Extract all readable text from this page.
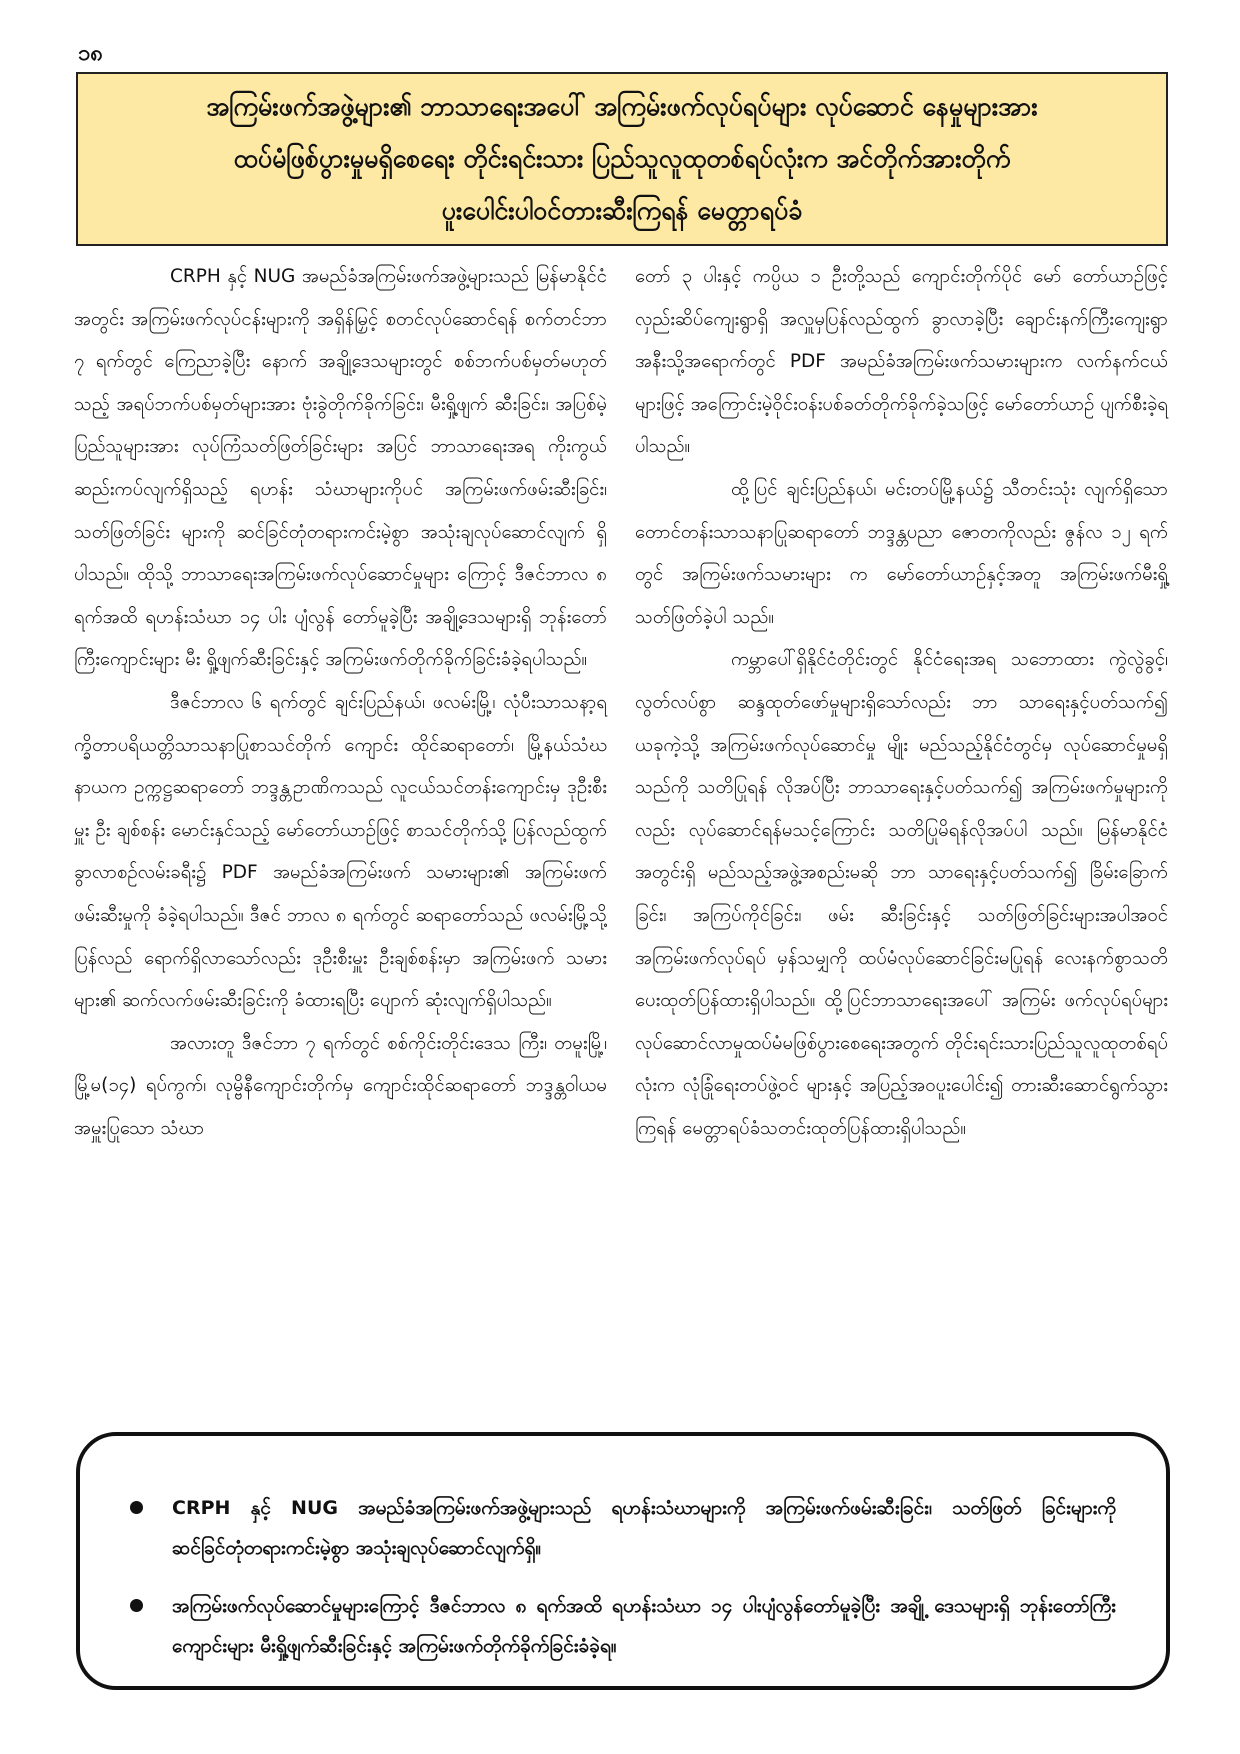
၁၈
အကြမ်းဖက်အဖွဲ့များ၏ ဘာသာရေးအပေါ် အကြမ်းဖက်လုပ်ရပ်များ လုပ်ဆောင် နေမှုများအား
ထပ်မံဖြစ်ပွားမှုမရှိစေရေး တိုင်းရင်းသား ပြည်သူလူထုတစ်ရပ်လုံးက အင်တိုက်အားတိုက်
ပူးပေါင်းပါဝင်တားဆီးကြရန် မေတ္တာရပ်ခံ

CRPH နှင့် NUG အမည်ခံအကြမ်းဖက်အဖွဲ့များသည် မြန်မာနိုင်ငံအတွင်း အကြမ်းဖက်လုပ်ငန်းများကို အရှိန်မြှင့် စတင်လုပ်ဆောင်ရန် စက်တင်ဘာ ၇ ရက်တွင် ကြေညာခဲ့ပြီး နောက် အချို့ဒေသများတွင် စစ်ဘက်ပစ်မှတ်မဟုတ်သည့် အရပ်ဘက်ပစ်မှတ်များအား ဗုံးခွဲတိုက်ခိုက်ခြင်း၊ မီးရှို့ဖျက် ဆီးခြင်း၊ အပြစ်မဲ့ပြည်သူများအား လုပ်ကြံသတ်ဖြတ်ခြင်းများ အပြင် ဘာသာရေးအရ ကိုးကွယ်ဆည်းကပ်လျက်ရှိသည့် ရဟန်း သံဃာများကိုပင် အကြမ်းဖက်ဖမ်းဆီးခြင်း၊ သတ်ဖြတ်ခြင်း များကို ဆင်ခြင်တုံတရားကင်းမဲ့စွာ အသုံးချလုပ်ဆောင်လျက် ရှိပါသည်။ ထိုသို့ ဘာသာရေးအကြမ်းဖက်လုပ်ဆောင်မှုများ ကြောင့် ဒီဇင်ဘာလ ၈ ရက်အထိ ရဟန်းသံဃာ ၁၄ ပါး ပျံလွန် တော်မူခဲ့ပြီး အချို့ဒေသများရှိ ဘုန်းတော်ကြီးကျောင်းများ မီး ရှို့ဖျက်ဆီးခြင်းနှင့် အကြမ်းဖက်တိုက်ခိုက်ခြင်းခံခဲ့ရပါသည်။

ဒီဇင်ဘာလ ၆ ရက်တွင် ချင်းပြည်နယ်၊ ဖလမ်းမြို့၊ လုံပီးသာသနာ့ရက္ခိတာပရိယတ္တိသာသနာပြုစာသင်တိုက် ကျောင်း ထိုင်ဆရာတော်၊ မြို့နယ်သံဃနာယက ဥက္ကဋ္ဌဆရာတော် ဘဒ္ဒန္တဥာဏိကသည် လူငယ်သင်တန်းကျောင်းမှ ဒုဦးစီးမှူး ဦး ချစ်စန်း မောင်းနှင်သည့် မော်တော်ယာဉ်ဖြင့် စာသင်တိုက်သို့ ပြန်လည်ထွက်ခွာလာစဉ်လမ်းခရီး၌ PDF အမည်ခံအကြမ်းဖက် သမားများ၏ အကြမ်းဖက်ဖမ်းဆီးမှုကို ခံခဲ့ရပါသည်။ ဒီဇင် ဘာလ ၈ ရက်တွင် ဆရာတော်သည် ဖလမ်းမြို့သို့ ပြန်လည် ရောက်ရှိလာသော်လည်း ဒုဦးစီးမှူး ဦးချစ်စန်းမှာ အကြမ်းဖက် သမားများ၏ ဆက်လက်ဖမ်းဆီးခြင်းကို ခံထားရပြီး ပျောက် ဆုံးလျက်ရှိပါသည်။

အလားတူ ဒီဇင်ဘာ ၇ ရက်တွင် စစ်ကိုင်းတိုင်းဒေသ ကြီး၊ တမူးမြို့၊ မြို့မ(၁၄) ရပ်ကွက်၊ လုမ္ဗိနီကျောင်းတိုက်မှ ကျောင်းထိုင်ဆရာတော် ဘဒ္ဒန္တဝါယမအမှူးပြုသော သံဃာ

တော် ၃ ပါးနှင့် ကပ္ပိယ ၁ ဦးတို့သည် ကျောင်းတိုက်ပိုင် မော် တော်ယာဉ်ဖြင့် လှည်းဆိပ်ကျေးရွာရှိ အလှူမှပြန်လည်ထွက် ခွာလာခဲ့ပြီး ချောင်းနက်ကြီးကျေးရွာ အနီးသို့အရောက်တွင် PDF အမည်ခံအကြမ်းဖက်သမားများက လက်နက်ငယ်များဖြင့် အကြောင်းမဲ့ဝိုင်းဝန်းပစ်ခတ်တိုက်ခိုက်ခဲ့သဖြင့် မော်တော်ယာဉ် ပျက်စီးခဲ့ရပါသည်။

ထို့ပြင် ချင်းပြည်နယ်၊ မင်းတပ်မြို့နယ်၌ သီတင်းသုံး လျက်ရှိသော တောင်တန်းသာသနာပြုဆရာတော် ဘဒ္ဒန္တပညာ ဇောတကိုလည်း ဇွန်လ ၁၂ ရက်တွင် အကြမ်းဖက်သမားများ က မော်တော်ယာဉ်နှင့်အတူ အကြမ်းဖက်မီးရှို့သတ်ဖြတ်ခဲ့ပါ သည်။

ကမ္ဘာပေါ်ရှိနိုင်ငံတိုင်းတွင် နိုင်ငံရေးအရ သဘောထား ကွဲလွဲခွင့်၊ လွတ်လပ်စွာ ဆန္ဒထုတ်ဖော်မှုများရှိသော်လည်း ဘာ သာရေးနှင့်ပတ်သက်၍ ယခုကဲ့သို့ အကြမ်းဖက်လုပ်ဆောင်မှု မျိုး မည်သည့်နိုင်ငံတွင်မှ လုပ်ဆောင်မှုမရှိသည်ကို သတိပြုရန် လိုအပ်ပြီး ဘာသာရေးနှင့်ပတ်သက်၍ အကြမ်းဖက်မှုများကို လည်း လုပ်ဆောင်ရန်မသင့်ကြောင်း သတိပြုမိရန်လိုအပ်ပါ သည်။ မြန်မာနိုင်ငံအတွင်းရှိ မည်သည့်အဖွဲ့အစည်းမဆို ဘာ သာရေးနှင့်ပတ်သက်၍ ခြိမ်းခြောက်ခြင်း၊ အကြပ်ကိုင်ခြင်း၊ ဖမ်း ဆီးခြင်းနှင့် သတ်ဖြတ်ခြင်းများအပါအဝင် အကြမ်းဖက်လုပ်ရပ် မှန်သမျှကို ထပ်မံလုပ်ဆောင်ခြင်းမပြုရန် လေးနက်စွာသတိ ပေးထုတ်ပြန်ထားရှိပါသည်။ ထို့ပြင်ဘာသာရေးအပေါ် အကြမ်း ဖက်လုပ်ရပ်များ လုပ်ဆောင်လာမှုထပ်မံမဖြစ်ပွားစေရေးအတွက် တိုင်းရင်းသားပြည်သူလူထုတစ်ရပ်လုံးက လုံခြုံရေးတပ်ဖွဲ့ဝင် များနှင့် အပြည့်အဝပူးပေါင်း၍ တားဆီးဆောင်ရွက်သွားကြရန် မေတ္တာရပ်ခံသတင်းထုတ်ပြန်ထားရှိပါသည်။

CRPH နှင့် NUG အမည်ခံအကြမ်းဖက်အဖွဲ့များသည် ရဟန်းသံဃာများကို အကြမ်းဖက်ဖမ်းဆီးခြင်း၊ သတ်ဖြတ် ခြင်းများကို ဆင်ခြင်တုံတရားကင်းမဲ့စွာ အသုံးချလုပ်ဆောင်လျက်ရှိ။
အကြမ်းဖက်လုပ်ဆောင်မှုများကြောင့် ဒီဇင်ဘာလ ၈ ရက်အထိ ရဟန်းသံဃာ ၁၄ ပါးပျံလွန်တော်မူခဲ့ပြီး အချို့ ဒေသများရှိ ဘုန်းတော်ကြီးကျောင်းများ မီးရှို့ဖျက်ဆီးခြင်းနှင့် အကြမ်းဖက်တိုက်ခိုက်ခြင်းခံခဲ့ရ။
